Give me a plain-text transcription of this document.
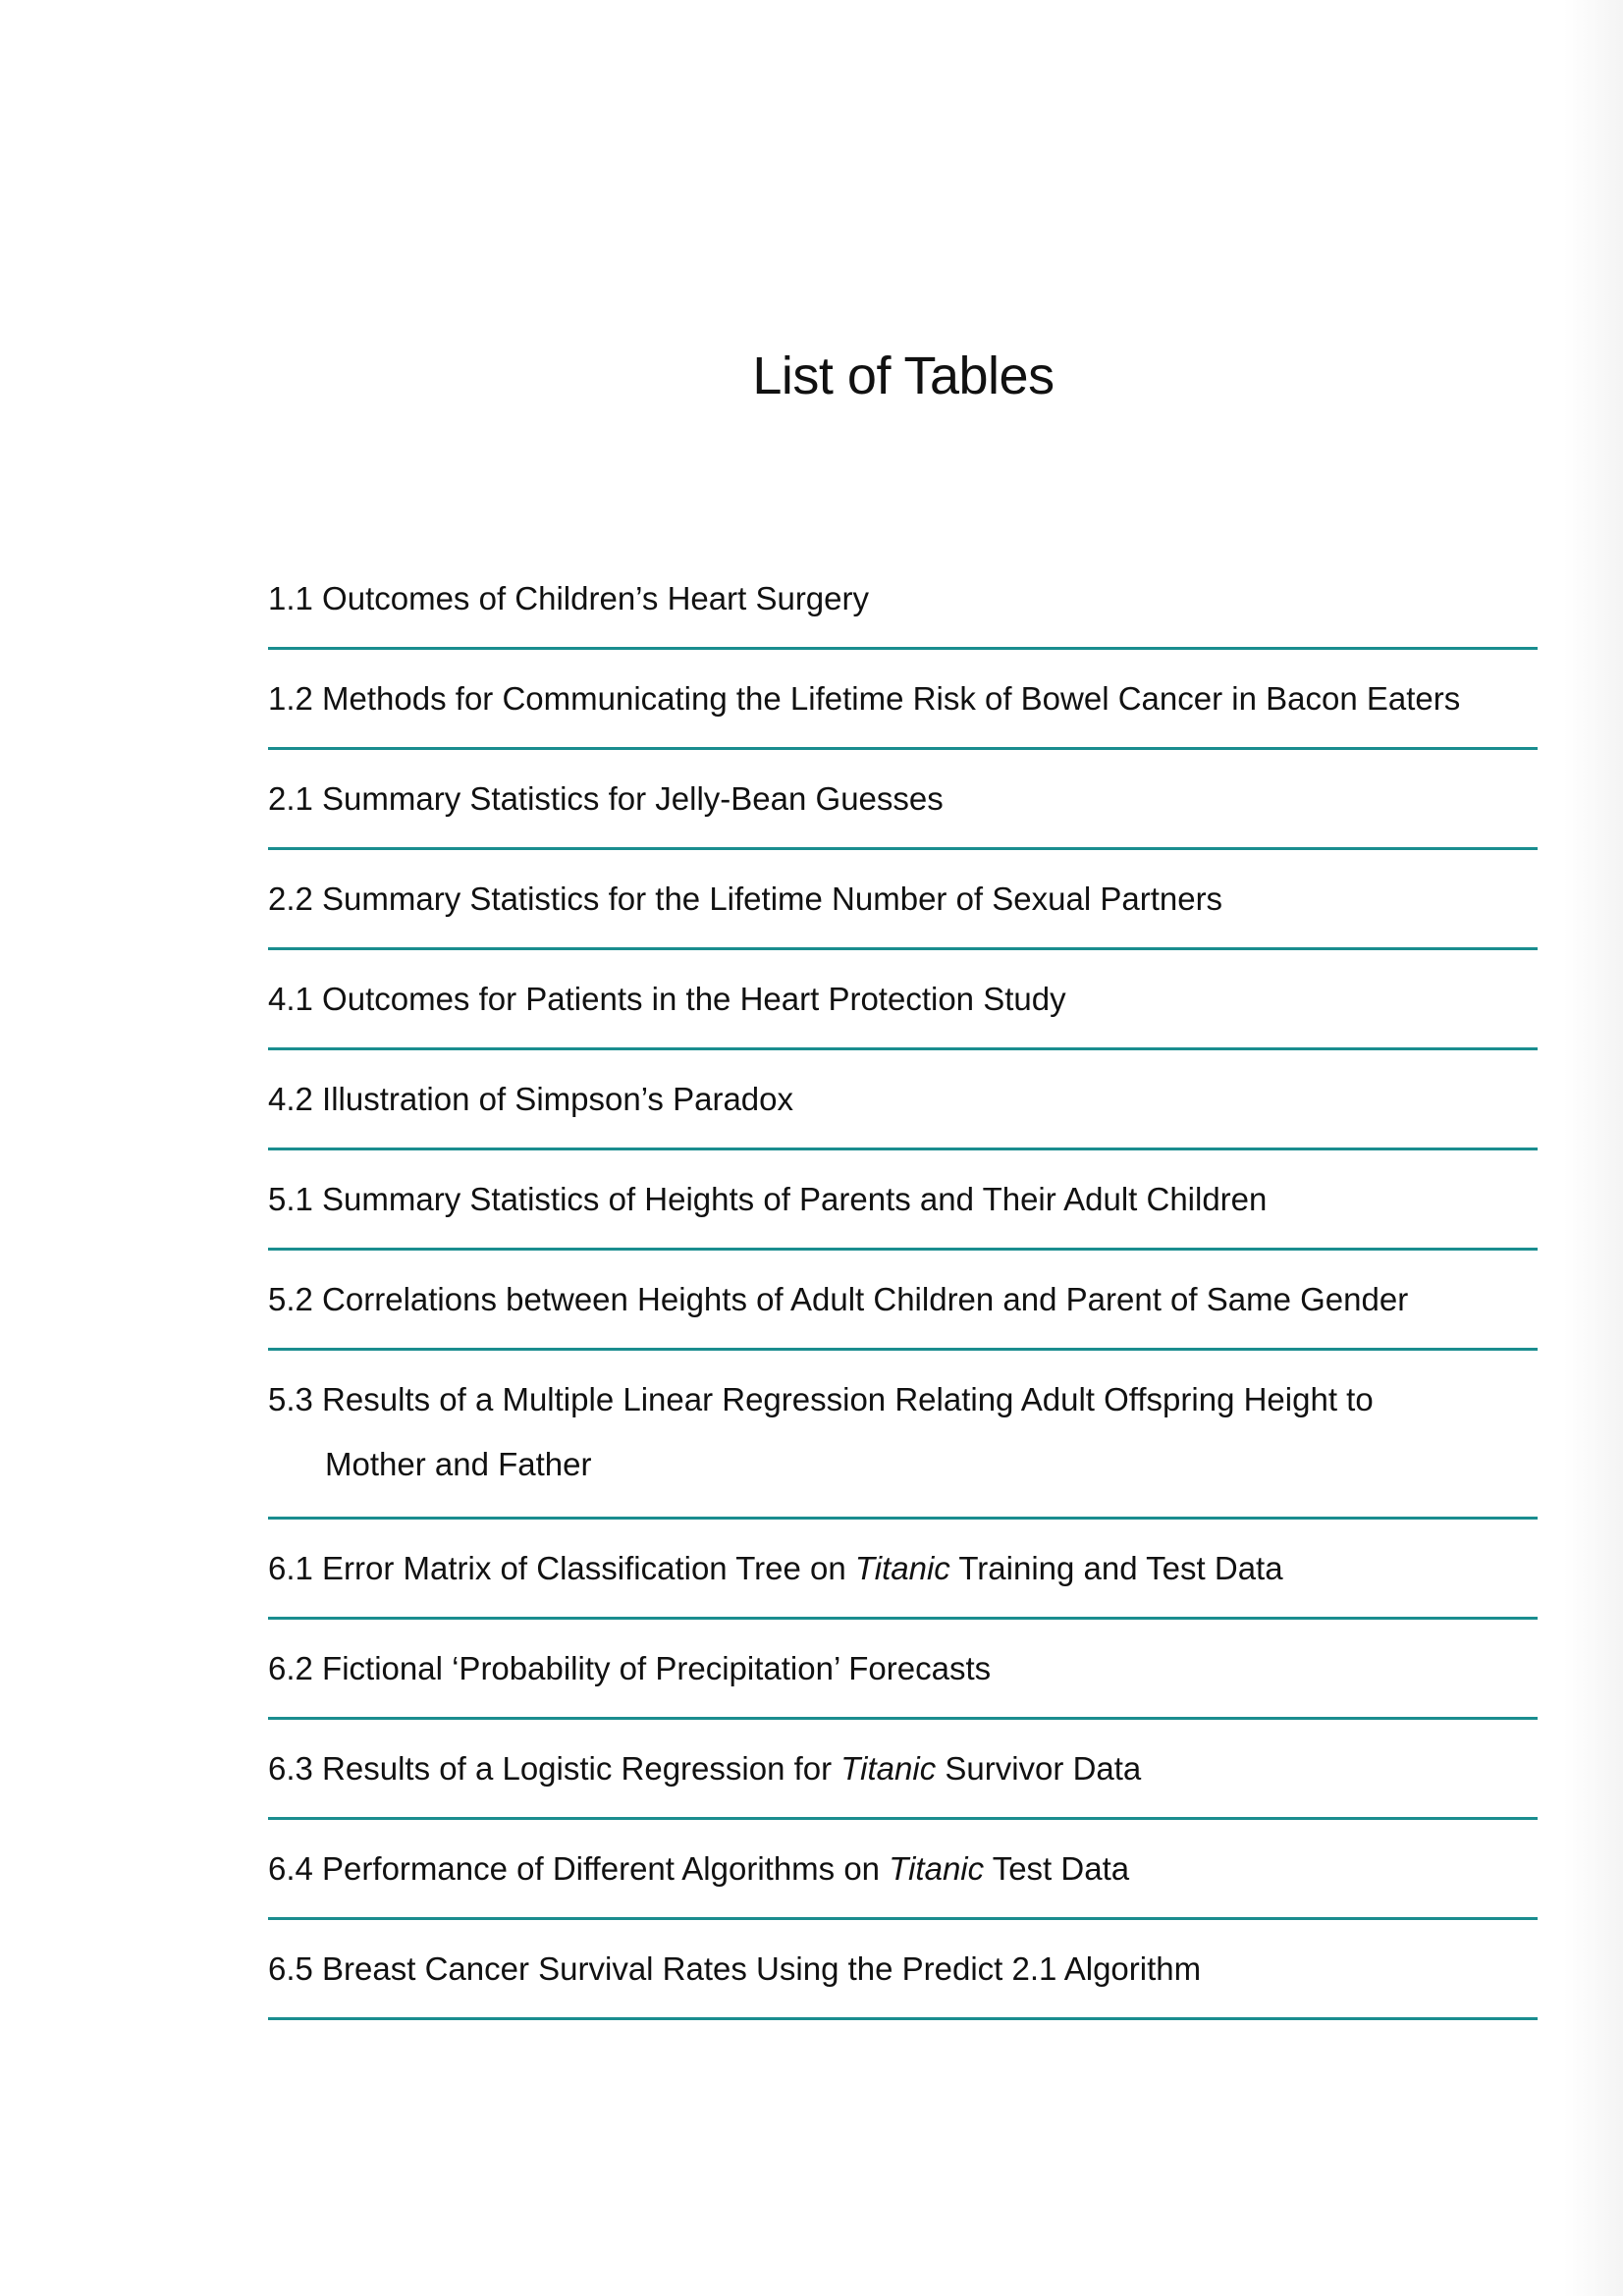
List of Tables
1.1 Outcomes of Children’s Heart Surgery
1.2 Methods for Communicating the Lifetime Risk of Bowel Cancer in Bacon Eaters
2.1 Summary Statistics for Jelly-Bean Guesses
2.2 Summary Statistics for the Lifetime Number of Sexual Partners
4.1 Outcomes for Patients in the Heart Protection Study
4.2 Illustration of Simpson’s Paradox
5.1 Summary Statistics of Heights of Parents and Their Adult Children
5.2 Correlations between Heights of Adult Children and Parent of Same Gender
5.3 Results of a Multiple Linear Regression Relating Adult Offspring Height to
Mother and Father
6.1 Error Matrix of Classification Tree on Titanic Training and Test Data
6.2 Fictional ‘Probability of Precipitation’ Forecasts
6.3 Results of a Logistic Regression for Titanic Survivor Data
6.4 Performance of Different Algorithms on Titanic Test Data
6.5 Breast Cancer Survival Rates Using the Predict 2.1 Algorithm
